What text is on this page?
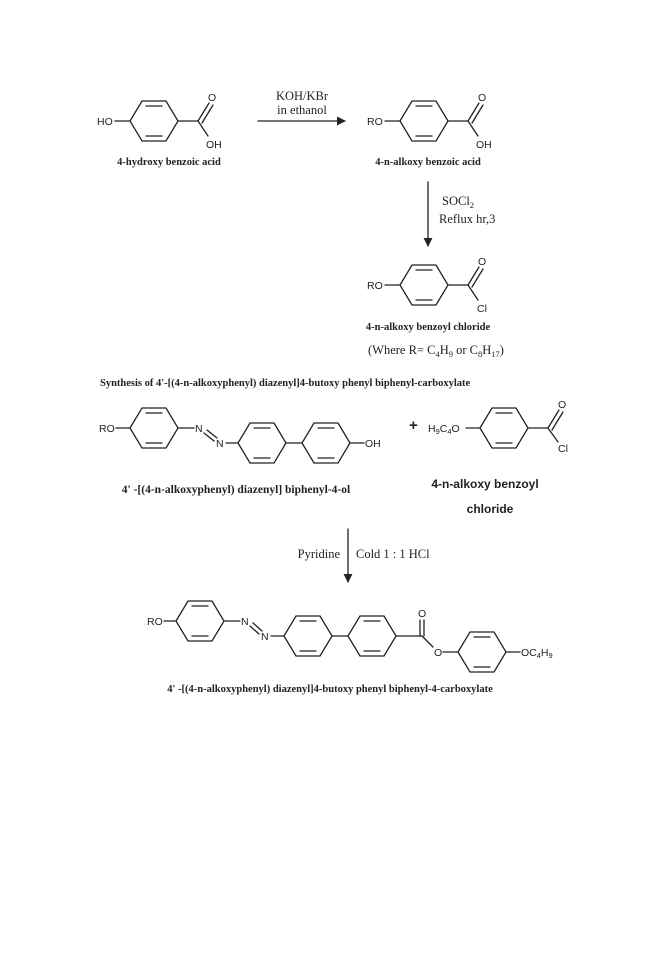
HO
O
OH
4-hydroxy benzoic acid
KOH/KBr
in ethanol
RO
O
OH
4-n-alkoxy benzoic acid
SOCl$_2$
Reflux hr,3
RO
O
Cl
4-n-alkoxy benzoyl chloride
(Where $R= C_4H_9$ or $C_8H_{17}$)
Synthesis of 4'-[(4-n-alkoxyphenyl) diazenyl]4-butoxy phenyl biphenyl-carboxylate
RO	N
N	OH
4' -[(4-n-alkoxyphenyl) diazenyl] biphenyl-4-ol
+ H9C4O
O
Cl
4-n-alkoxy benzoyl
chloride
Pyridine Cold 1 : 1 HCl
RO	N
N
O
O	OC4H9
4' -[(4-n-alkoxyphenyl) diazenyl]4-butoxy phenyl biphenyl-4-carboxylate
